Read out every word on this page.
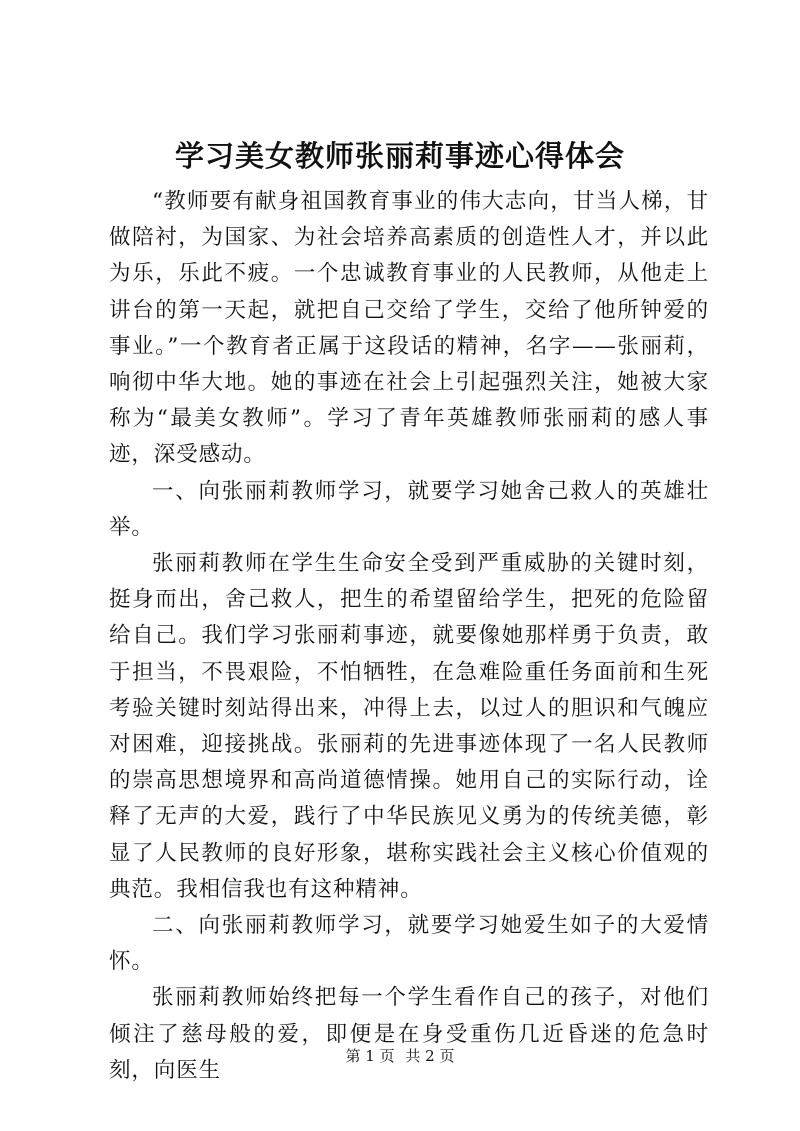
学习美女教师张丽莉事迹心得体会

“教师要有献身祖国教育事业的伟大志向，甘当人梯，甘做陪衬，为国家、为社会培养高素质的创造性人才，并以此为乐，乐此不疲。一个忠诚教育事业的人民教师，从他走上讲台的第一天起，就把自己交给了学生，交给了他所钟爱的事业。”一个教育者正属于这段话的精神，名字——张丽莉，响彻中华大地。她的事迹在社会上引起强烈关注，她被大家称为“最美女教师”。学习了青年英雄教师张丽莉的感人事迹，深受感动。

一、向张丽莉教师学习，就要学习她舍己救人的英雄壮举。

张丽莉教师在学生生命安全受到严重威胁的关键时刻，挺身而出，舍己救人，把生的希望留给学生，把死的危险留给自己。我们学习张丽莉事迹，就要像她那样勇于负责，敢于担当，不畏艰险，不怕牺牲，在急难险重任务面前和生死考验关键时刻站得出来，冲得上去，以过人的胆识和气魄应对困难，迎接挑战。张丽莉的先进事迹体现了一名人民教师的崇高思想境界和高尚道德情操。她用自己的实际行动，诠释了无声的大爱，践行了中华民族见义勇为的传统美德，彰显了人民教师的良好形象，堪称实践社会主义核心价值观的典范。我相信我也有这种精神。

二、向张丽莉教师学习，就要学习她爱生如子的大爱情怀。

张丽莉教师始终把每一个学生看作自己的孩子，对他们倾注了慈母般的爱，即便是在身受重伤几近昏迷的危急时刻，向医生

第 1 页 共 2 页
